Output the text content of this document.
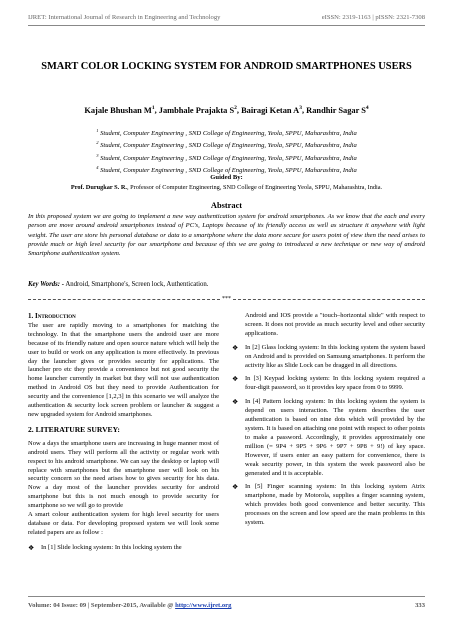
IJRET: International Journal of Research in Engineering and Technology	eISSN: 2319-1163 | pISSN: 2321-7308
SMART COLOR LOCKING SYSTEM FOR ANDROID SMARTPHONES USERS
Kajale Bhushan $M^1$, Jambhale Prajakta $S^2$, Bairagi Ketan $A^3$, Randhir Sagar $S^4$
$^1$ Student, Computer Engineering , SND College of Engineering, Yeola, SPPU, Maharashtra, India
$^2$ Student, Computer Engineering , SND College of Engineering, Yeola, SPPU, Maharashtra, India
$^3$ Student, Computer Engineering , SND College of Engineering, Yeola, SPPU, Maharashtra, India
$^4$ Student, Computer Engineering , SND College of Engineering, Yeola, SPPU, Maharashtra, India
Guided By:
Prof. Durugkar S. R., Professor of Computer Engineering, SND College of Engineering Yeola, SPPU, Maharashtra, India.
Abstract
In this proposed system we are going to implement a new way authentication system for android smartphones. As we know that the each and every person are move around android smartphones instead of PC's, Laptops because of its friendly access as well as structure it anywhere with light weight. The user are store his personal database or data to a smartphone where the data more secure for users point of view then the need arises to provide much or high level security for our smartphone and because of this we are going to introduced a new technique or new way of android Smartphone authentication system.
Key Words: - Android, Smartphone's, Screen lock, Authentication.
***
1. Introduction

The user are rapidly moving to a smartphones for matching the technology. In that the smartphone users the android user are more because of its friendly nature and open source nature which will help the user to build or work on any application is more effectively. In previous day the launcher gives or provides security for applications. The launcher pro etc they provide a convenience but not good security the home launcher currently in market but they will not use authentication method in Android OS but they need to provide Authentication for security and the convenience [1,2,3] in this scenario we will analyze the authentication & security lock screen problem or launcher & suggest a new upgraded system for Android smartphones.

2. LITERATURE SURVEY:

Now a days the smartphone users are increasing in huge manner most of android users. They will perform all the activity or regular work with respect to his android smartphone. We can say the desktop or laptop will replace with smartphones but the smartphone user will look on his security concern so the need arises how to gives security for his data. Now a day most of the launcher provides security for android smartphone but this is not much enough to provide security for smartphone so we will go to provide

A smart colour authentication system for high level security for users database or data. For developing proposed system we will look some related papers are as follow :

❖	In [1] Slide locking system: In this locking system the

Android and IOS provide a "touch–horizontal slide" with respect to screen. It does not provide as much security level and other security applications.

❖	In [2] Glass locking system: In this locking system the system based on Android and is provided on Samsung smartphones. It perform the activity like as Slide Lock can be dragged in all directions.
❖	In [3] Keypad locking system: In this locking system required a four-digit password, so it provides key space from 0 to 9999.
❖	In [4] Pattern locking system: In this locking system the system is depend on users interaction. The system describes the user authentication is based on nine dots which will provided by the system. It is based on attaching one point with respect to other points to make a password. Accordingly, it provides approximately one million (= 9P4 + 9P5 + 9P6 + 9P7 + 9P8 + 9!) of key space. However, if users enter an easy pattern for convenience, there is weak security power, in this system the week password also be generated and it is acceptable.
❖	In [5] Finger scanning system: In this locking system Atrix smartphone, made by Motorola, supplies a finger scanning system, which provides both good convenience and better security. This processes on the screen and low speed are the main problems in this system.
Volume: 04 Issue: 09 | September-2015, Available @ http://www.ijret.org	333
